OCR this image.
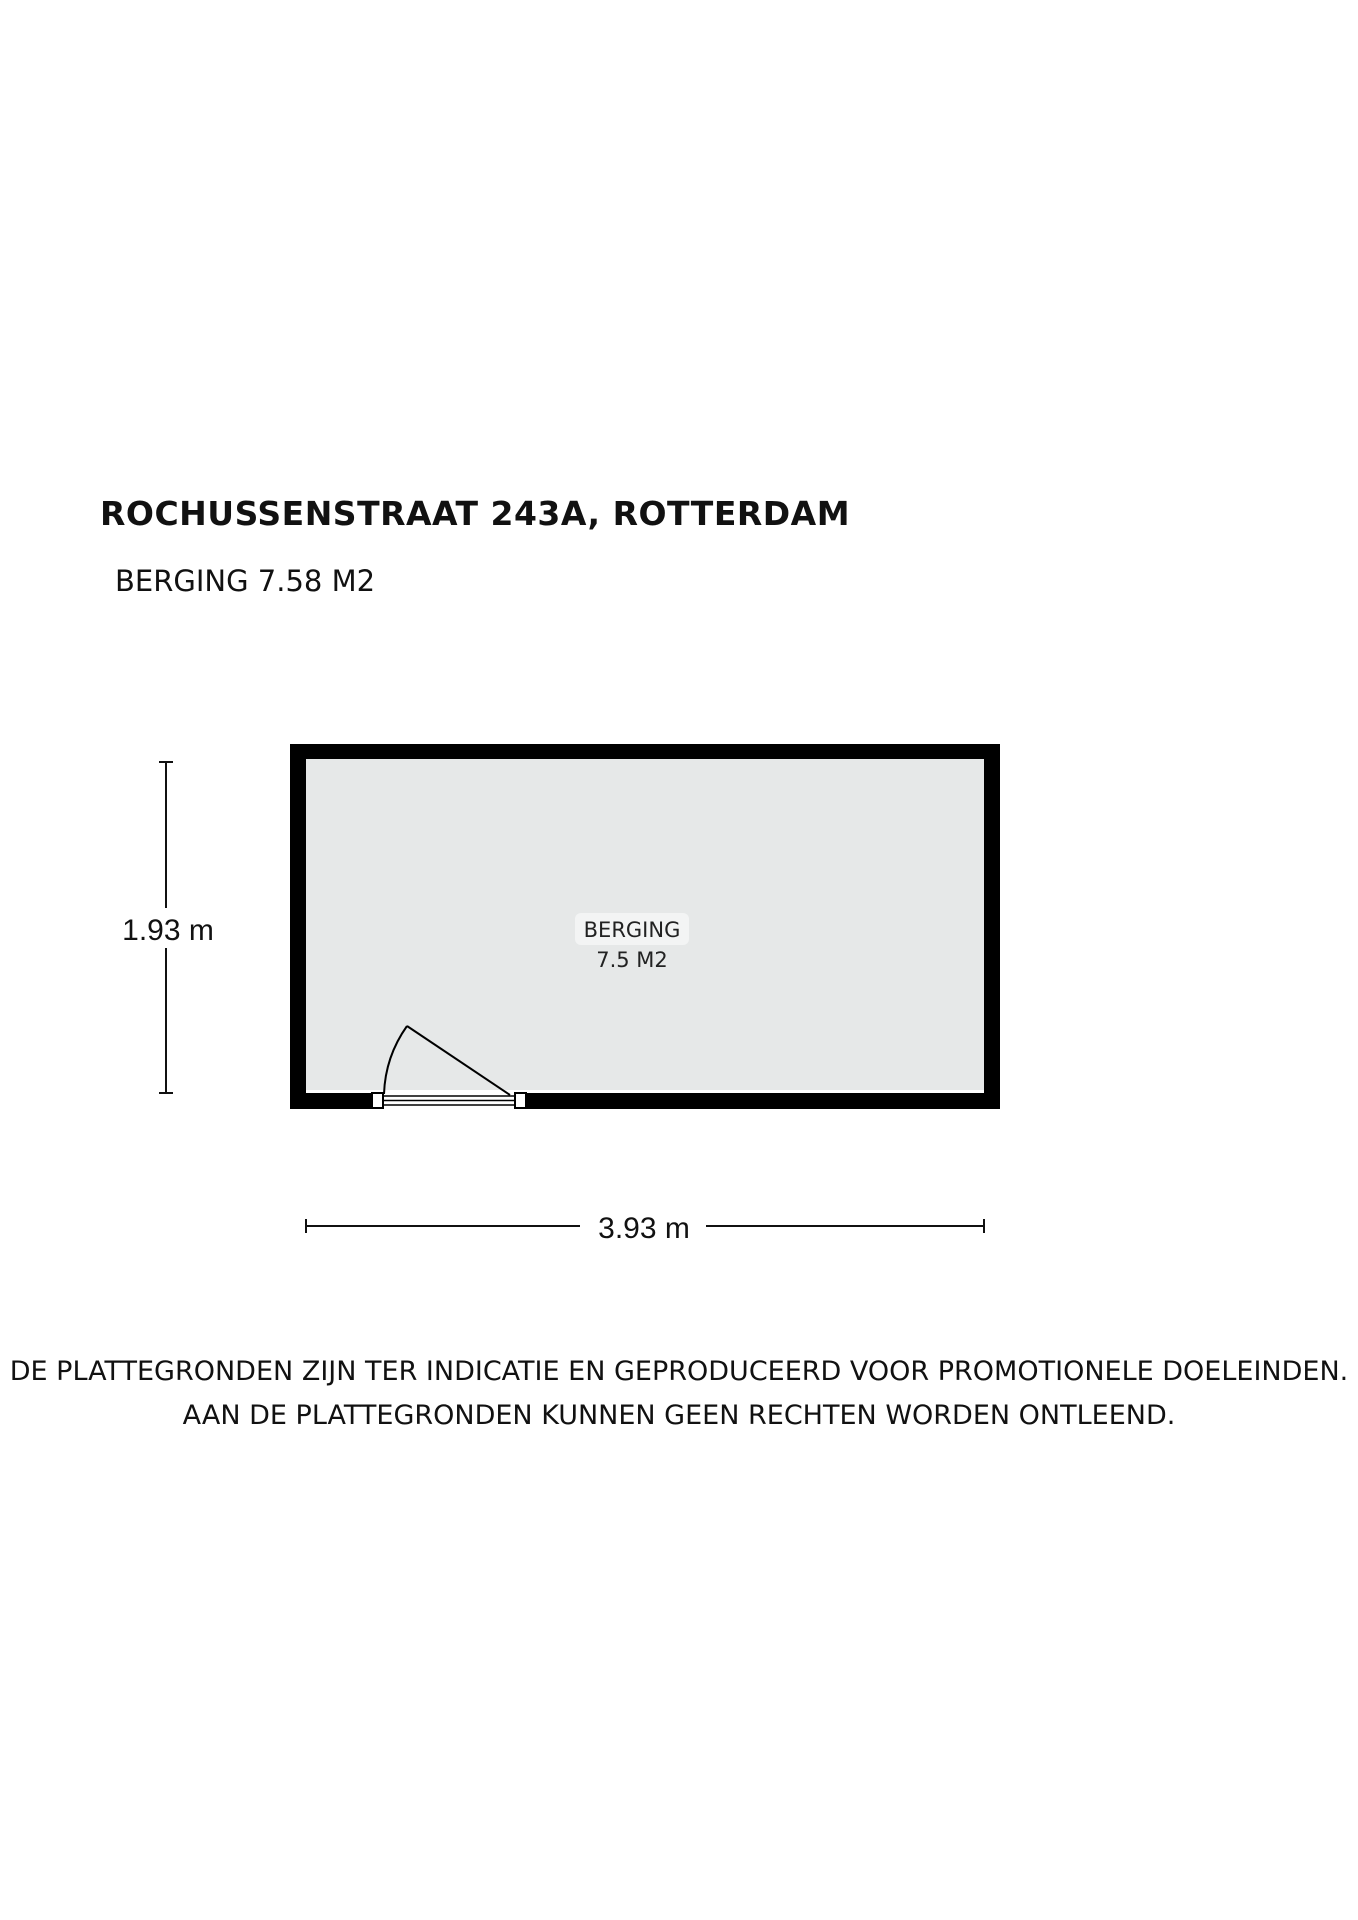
ROCHUSSENSTRAAT 243A, ROTTERDAM
BERGING 7.58 M2
1.93 m	BERGING
7.5 M2
3.93 m
DE PLATTEGRONDEN ZIJN TER INDICATIE EN GEPRODUCEERD VOOR PROMOTIONELE DOELEINDEN.
AAN DE PLATTEGRONDEN KUNNEN GEEN RECHTEN WORDEN ONTLEEND.
